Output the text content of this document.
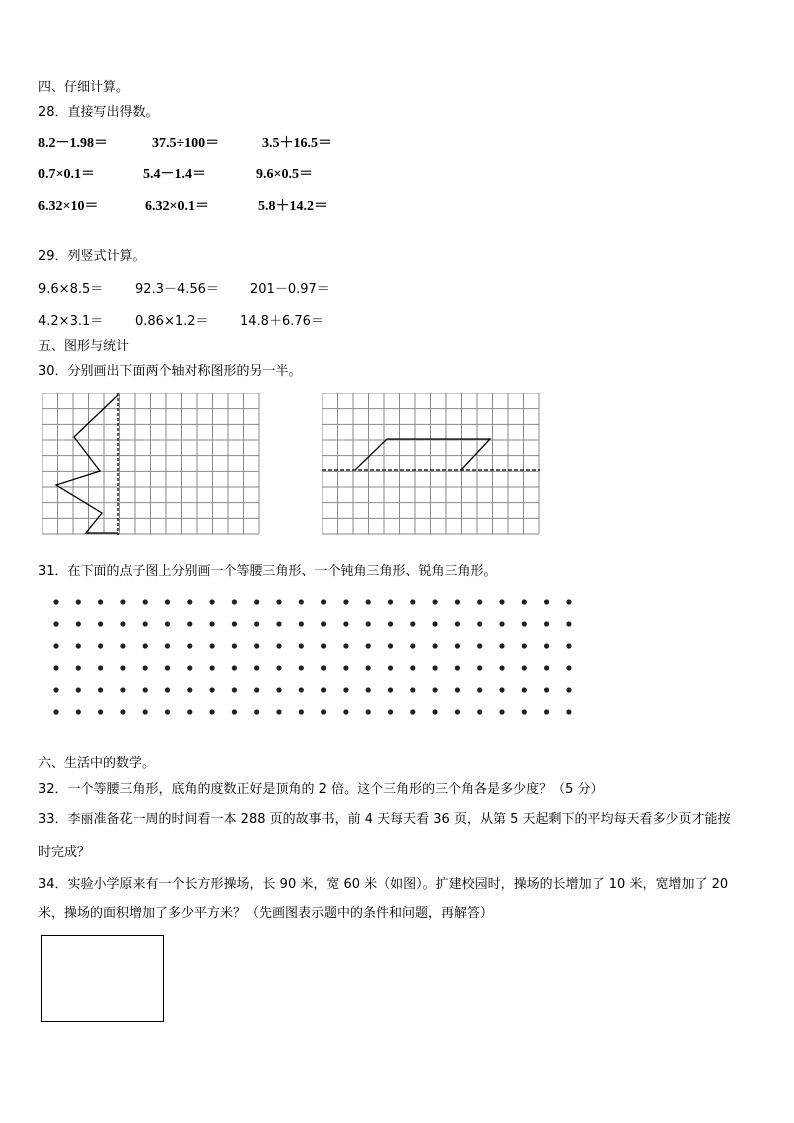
四、仔细计算。
28．直接写出得数。
8.2－1.98＝	37.5÷100＝	3.5＋16.5＝
0.7×0.1＝	5.4－1.4＝	9.6×0.5＝
6.32×10＝	6.32×0.1＝	5.8＋14.2＝
29．列竖式计算。
9.6×8.5＝ 92.3－4.56＝ 201－0.97＝
4.2×3.1＝ 0.86×1.2＝ 14.8＋6.76＝
五、图形与统计
30．分别画出下面两个轴对称图形的另一半。
31．在下面的点子图上分别画一个等腰三角形、一个钝角三角形、锐角三角形。
六、生活中的数学。
32．一个等腰三角形，底角的度数正好是顶角的 2 倍。这个三角形的三个角各是多少度？（5 分）
33．李丽准备花一周的时间看一本 288 页的故事书，前 4 天每天看 36 页，从第 5 天起剩下的平均每天看多少页才能按
时完成？
34．实验小学原来有一个长方形操场，长 90 米，宽 60 米（如图）。扩建校园时，操场的长增加了 10 米，宽增加了 20
米，操场的面积增加了多少平方米？（先画图表示题中的条件和问题，再解答）
